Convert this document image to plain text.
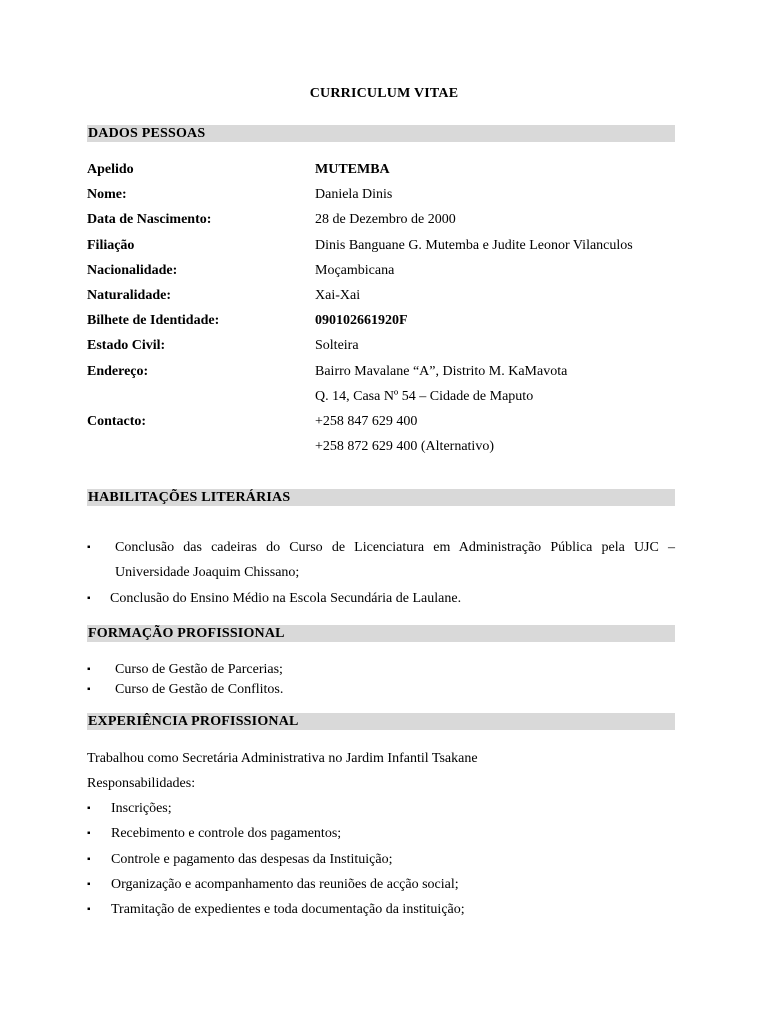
CURRICULUM VITAE
DADOS PESSOAS
Apelido	MUTEMBA
Nome:	Daniela Dinis
Data de Nascimento:	28 de Dezembro de 2000
Filiação	Dinis Banguane G. Mutemba e Judite Leonor Vilanculos
Nacionalidade:	Moçambicana
Naturalidade:	Xai-Xai
Bilhete de Identidade:	090102661920F
Estado Civil:	Solteira
Endereço:	Bairro Mavalane “A”, Distrito M. KaMavota
Q. 14, Casa Nº 54 – Cidade de Maputo
Contacto:	+258 847 629 400
+258 872 629 400 (Alternativo)
HABILITAÇÕES LITERÁRIAS
▪ Conclusão das cadeiras do Curso de Licenciatura em Administração Pública pela UJC –
Universidade Joaquim Chissano;
▪ Conclusão do Ensino Médio na Escola Secundária de Laulane.
FORMAÇÃO PROFISSIONAL
▪ Curso de Gestão de Parcerias;
▪ Curso de Gestão de Conflitos.
EXPERIÊNCIA PROFISSIONAL
Trabalhou como Secretária Administrativa no Jardim Infantil Tsakane
Responsabilidades:
▪ Inscrições;
▪ Recebimento e controle dos pagamentos;
▪ Controle e pagamento das despesas da Instituição;
▪ Organização e acompanhamento das reuniões de acção social;
▪ Tramitação de expedientes e toda documentação da instituição;
